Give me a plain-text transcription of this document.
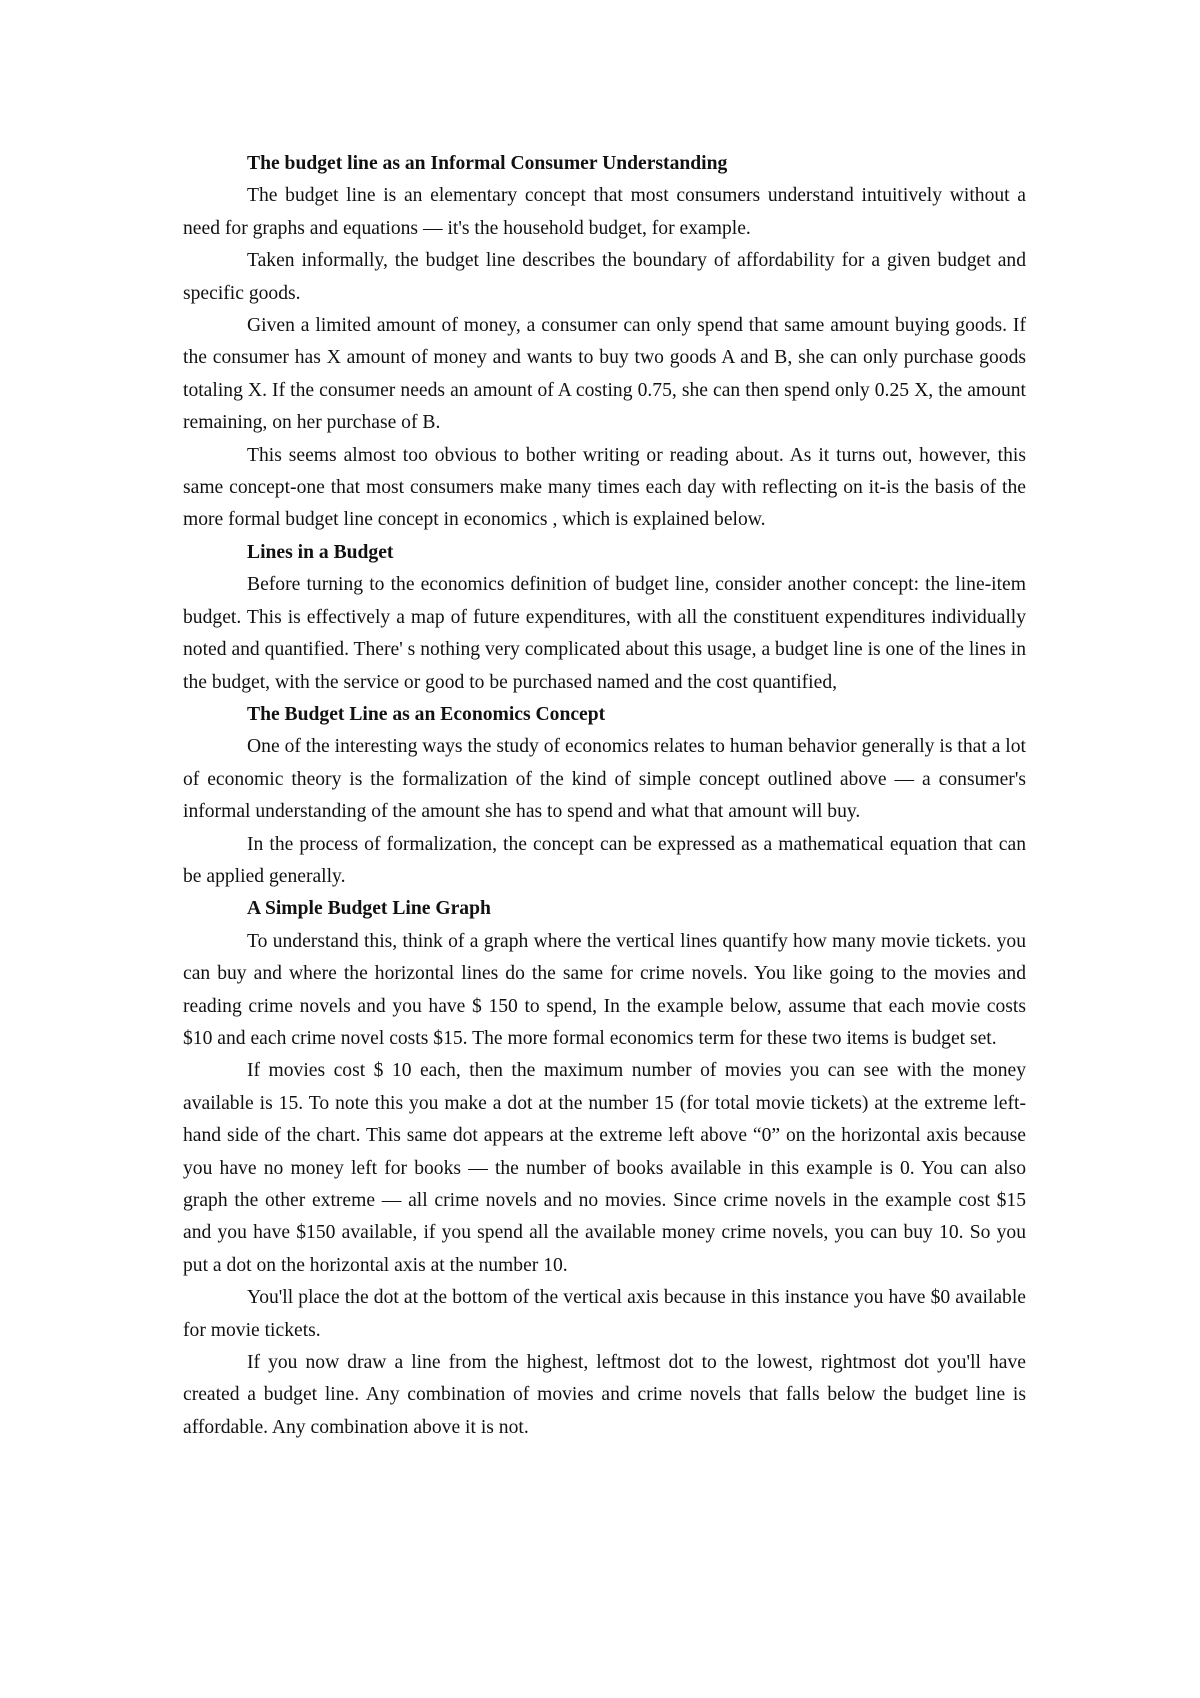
The budget line as an Informal Consumer Understanding

The budget line is an elementary concept that most consumers understand intuitively without a need for graphs and equations — it's the household budget, for example.

Taken informally, the budget line describes the boundary of affordability for a given budget and specific goods.

Given a limited amount of money, a consumer can only spend that same amount buying goods. If the consumer has X amount of money and wants to buy two goods A and B, she can only purchase goods totaling X. If the consumer needs an amount of A costing 0.75, she can then spend only 0.25 X, the amount remaining, on her purchase of B.

This seems almost too obvious to bother writing or reading about. As it turns out, however, this same concept-one that most consumers make many times each day with reflecting on it-is the basis of the more formal budget line concept in economics , which is explained below.

Lines in a Budget

Before turning to the economics definition of budget line, consider another concept: the line-item budget. This is effectively a map of future expenditures, with all the constituent expenditures individually noted and quantified. There' s nothing very complicated about this usage, a budget line is one of the lines in the budget, with the service or good to be purchased named and the cost quantified,

The Budget Line as an Economics Concept

One of the interesting ways the study of economics relates to human behavior generally is that a lot of economic theory is the formalization of the kind of simple concept outlined above — a consumer's informal understanding of the amount she has to spend and what that amount will buy.

In the process of formalization, the concept can be expressed as a mathematical equation that can be applied generally.

A Simple Budget Line Graph

To understand this, think of a graph where the vertical lines quantify how many movie tickets. you can buy and where the horizontal lines do the same for crime novels. You like going to the movies and reading crime novels and you have $ 150 to spend, In the example below, assume that each movie costs $10 and each crime novel costs $15. The more formal economics term for these two items is budget set.

If movies cost $ 10 each, then the maximum number of movies you can see with the money available is 15. To note this you make a dot at the number 15 (for total movie tickets) at the extreme left-hand side of the chart. This same dot appears at the extreme left above “0” on the horizontal axis because you have no money left for books — the number of books available in this example is 0. You can also graph the other extreme — all crime novels and no movies. Since crime novels in the example cost $15 and you have $150 available, if you spend all the available money crime novels, you can buy 10. So you put a dot on the horizontal axis at the number 10.

You'll place the dot at the bottom of the vertical axis because in this instance you have $0 available for movie tickets.

If you now draw a line from the highest, leftmost dot to the lowest, rightmost dot you'll have created a budget line. Any combination of movies and crime novels that falls below the budget line is affordable. Any combination above it is not.
